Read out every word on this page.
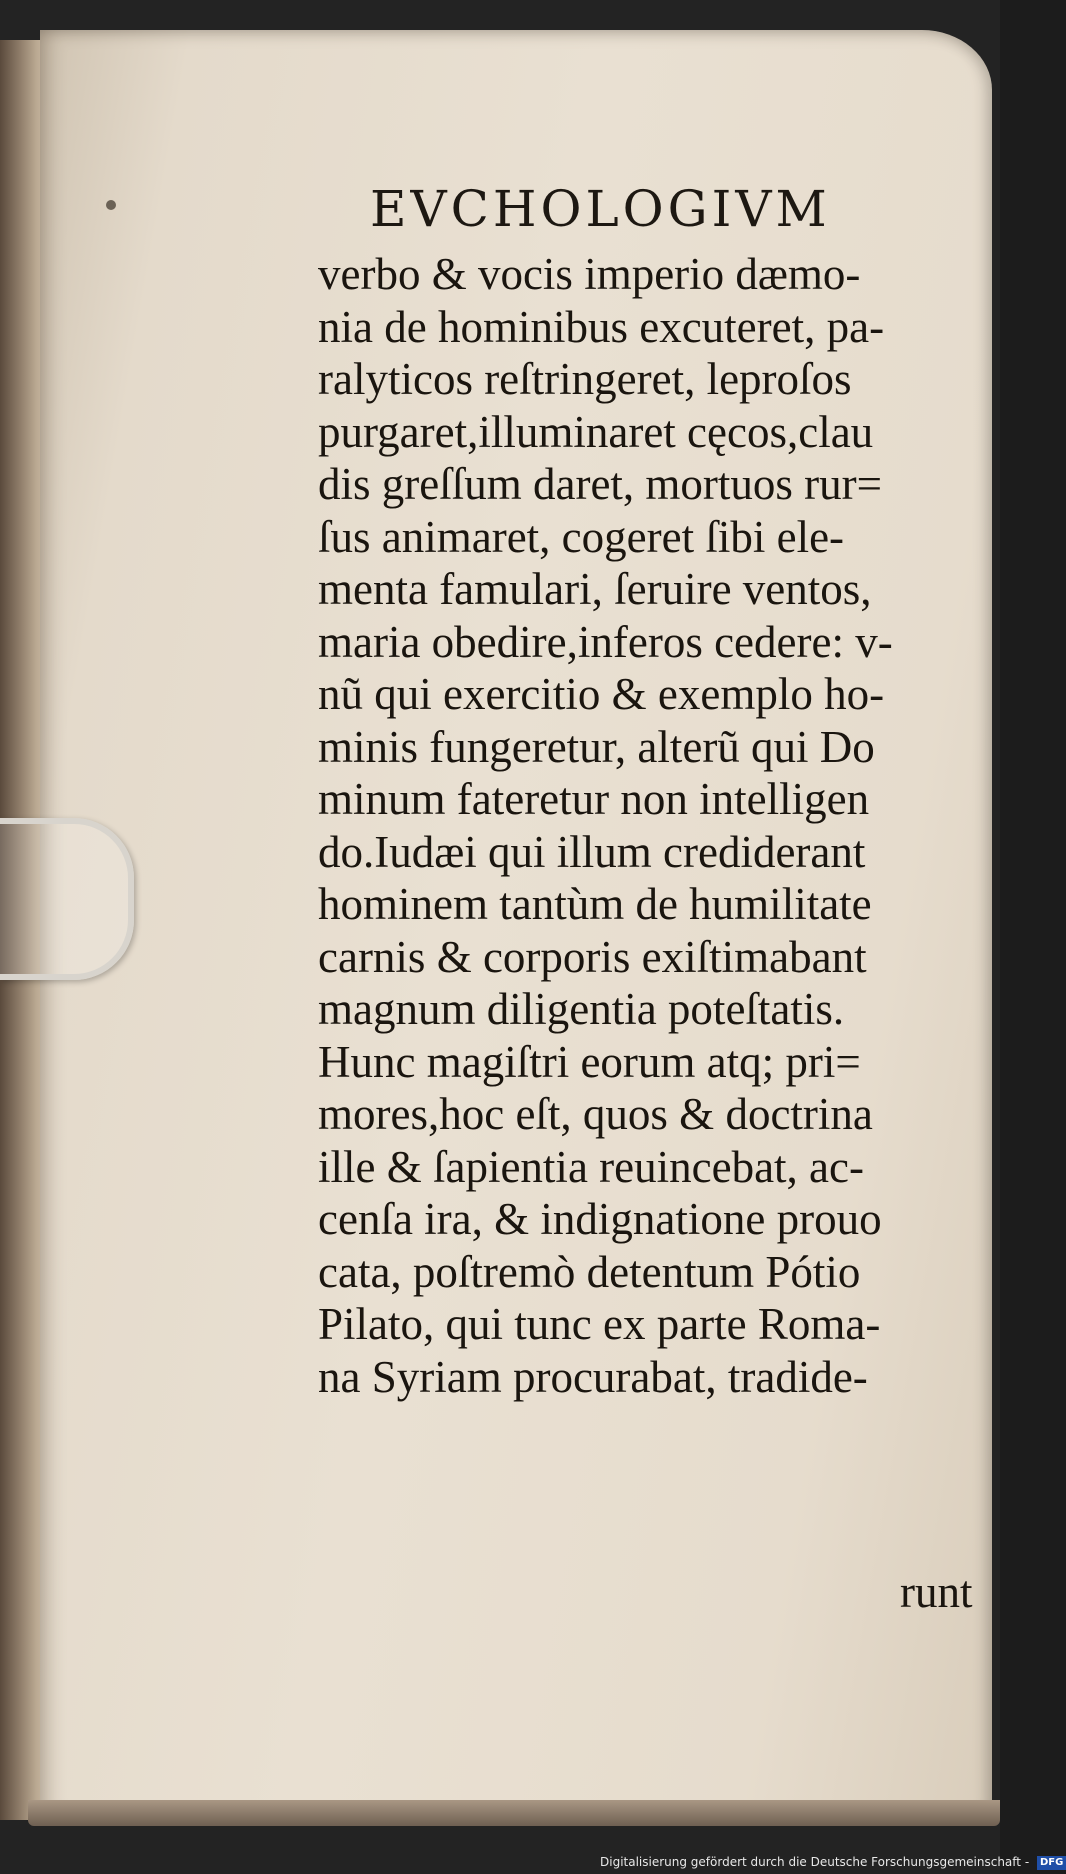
EVCHOLOGIVM
verbo & vocis imperio dæmo-
nia de hominibus excuteret, pa-
ralyticos reſtringeret, leproſos
purgaret,illuminaret cęcos,clau
dis greſſum daret, mortuos rur=
ſus animaret, cogeret ſibi ele-
menta famulari, ſeruire ventos,
maria obedire,inferos cedere: v-
nũ qui exercitio & exemplo ho-
minis fungeretur, alterũ qui Do
minum fateretur non intelligen
do.Iudæi qui illum crediderant
hominem tantùm de humilitate
carnis & corporis exiſtimabant
magnum diligentia poteſtatis.
Hunc magiſtri eorum atq; pri=
mores,hoc eſt, quos & doctrina
ille & ſapientia reuincebat, ac-
cenſa ira, & indignatione prouo
cata, poſtremò detentum Pótio
Pilato, qui tunc ex parte Roma-
na Syriam procurabat, tradide-
runt
Digitalisierung gefördert durch die Deutsche Forschungsgemeinschaft - DFG
